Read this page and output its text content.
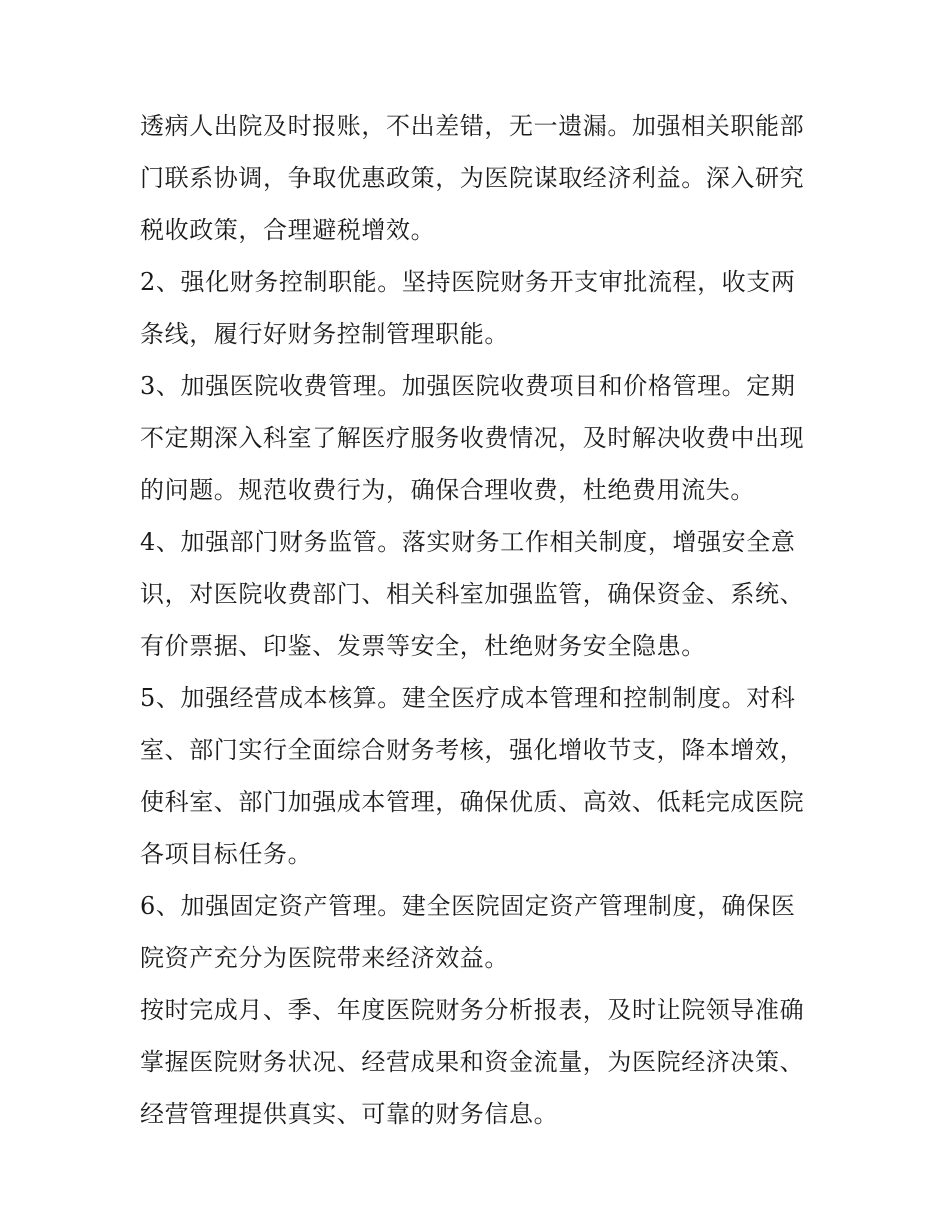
透病人出院及时报账，不出差错，无一遗漏。加强相关职能部
门联系协调，争取优惠政策，为医院谋取经济利益。深入研究
税收政策，合理避税增效。
2、强化财务控制职能。坚持医院财务开支审批流程，收支两
条线，履行好财务控制管理职能。
3、加强医院收费管理。加强医院收费项目和价格管理。定期
不定期深入科室了解医疗服务收费情况，及时解决收费中出现
的问题。规范收费行为，确保合理收费，杜绝费用流失。
4、加强部门财务监管。落实财务工作相关制度，增强安全意
识，对医院收费部门、相关科室加强监管，确保资金、系统、
有价票据、印鉴、发票等安全，杜绝财务安全隐患。
5、加强经营成本核算。建全医疗成本管理和控制制度。对科
室、部门实行全面综合财务考核，强化增收节支，降本增效，
使科室、部门加强成本管理，确保优质、高效、低耗完成医院
各项目标任务。
6、加强固定资产管理。建全医院固定资产管理制度，确保医
院资产充分为医院带来经济效益。
按时完成月、季、年度医院财务分析报表，及时让院领导准确
掌握医院财务状况、经营成果和资金流量，为医院经济决策、
经营管理提供真实、可靠的财务信息。
